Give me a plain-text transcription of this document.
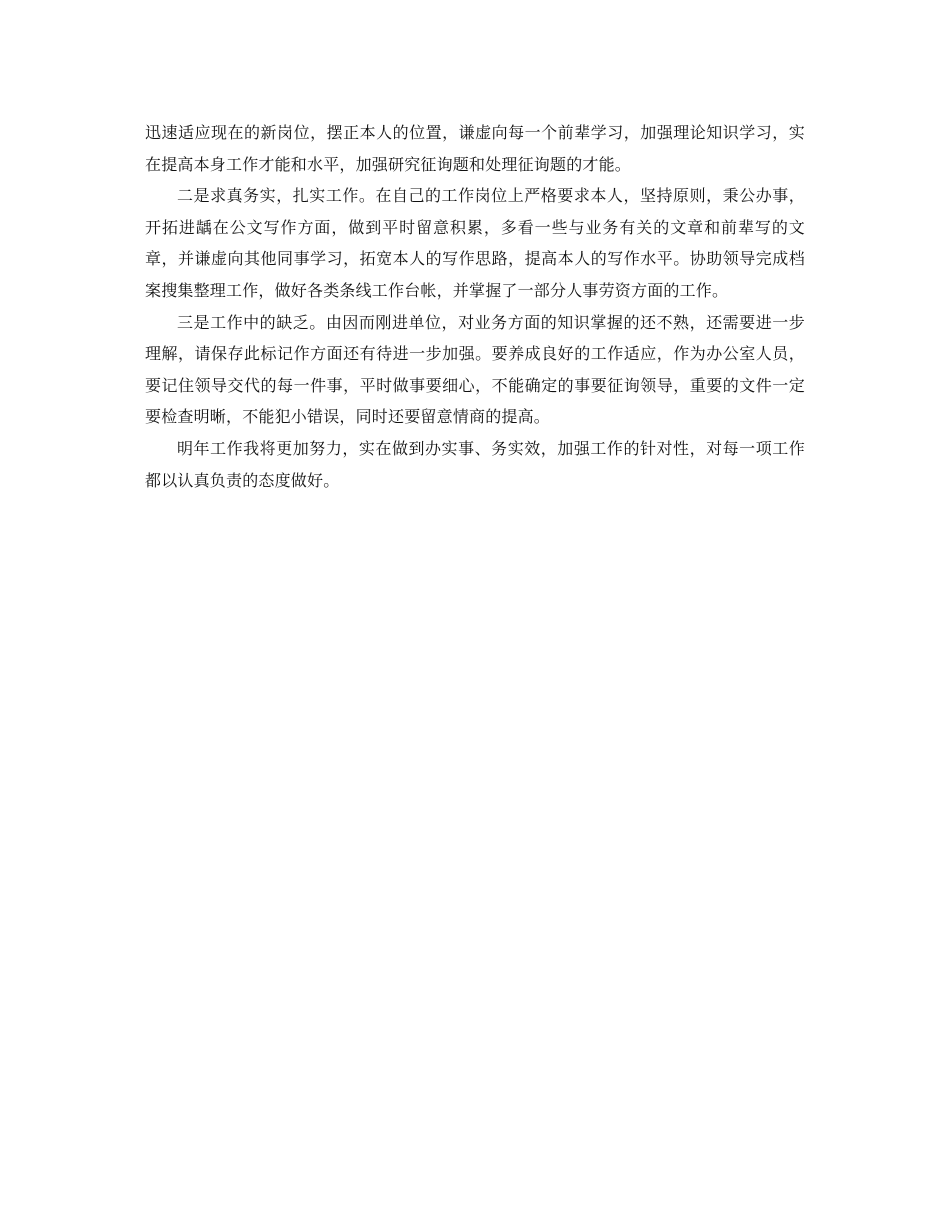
迅速适应现在的新岗位，摆正本人的位置，谦虚向每一个前辈学习，加强理论知识学习，实在提高本身工作才能和水平，加强研究征询题和处理征询题的才能。

二是求真务实，扎实工作。在自己的工作岗位上严格要求本人，坚持原则，秉公办事，开拓进龋在公文写作方面，做到平时留意积累，多看一些与业务有关的文章和前辈写的文章，并谦虚向其他同事学习，拓宽本人的写作思路，提高本人的写作水平。协助领导完成档案搜集整理工作，做好各类条线工作台帐，并掌握了一部分人事劳资方面的工作。

三是工作中的缺乏。由因而刚进单位，对业务方面的知识掌握的还不熟，还需要进一步理解，请保存此标记作方面还有待进一步加强。要养成良好的工作适应，作为办公室人员，要记住领导交代的每一件事，平时做事要细心，不能确定的事要征询领导，重要的文件一定要检查明晰，不能犯小错误，同时还要留意情商的提高。

明年工作我将更加努力，实在做到办实事、务实效，加强工作的针对性，对每一项工作都以认真负责的态度做好。
